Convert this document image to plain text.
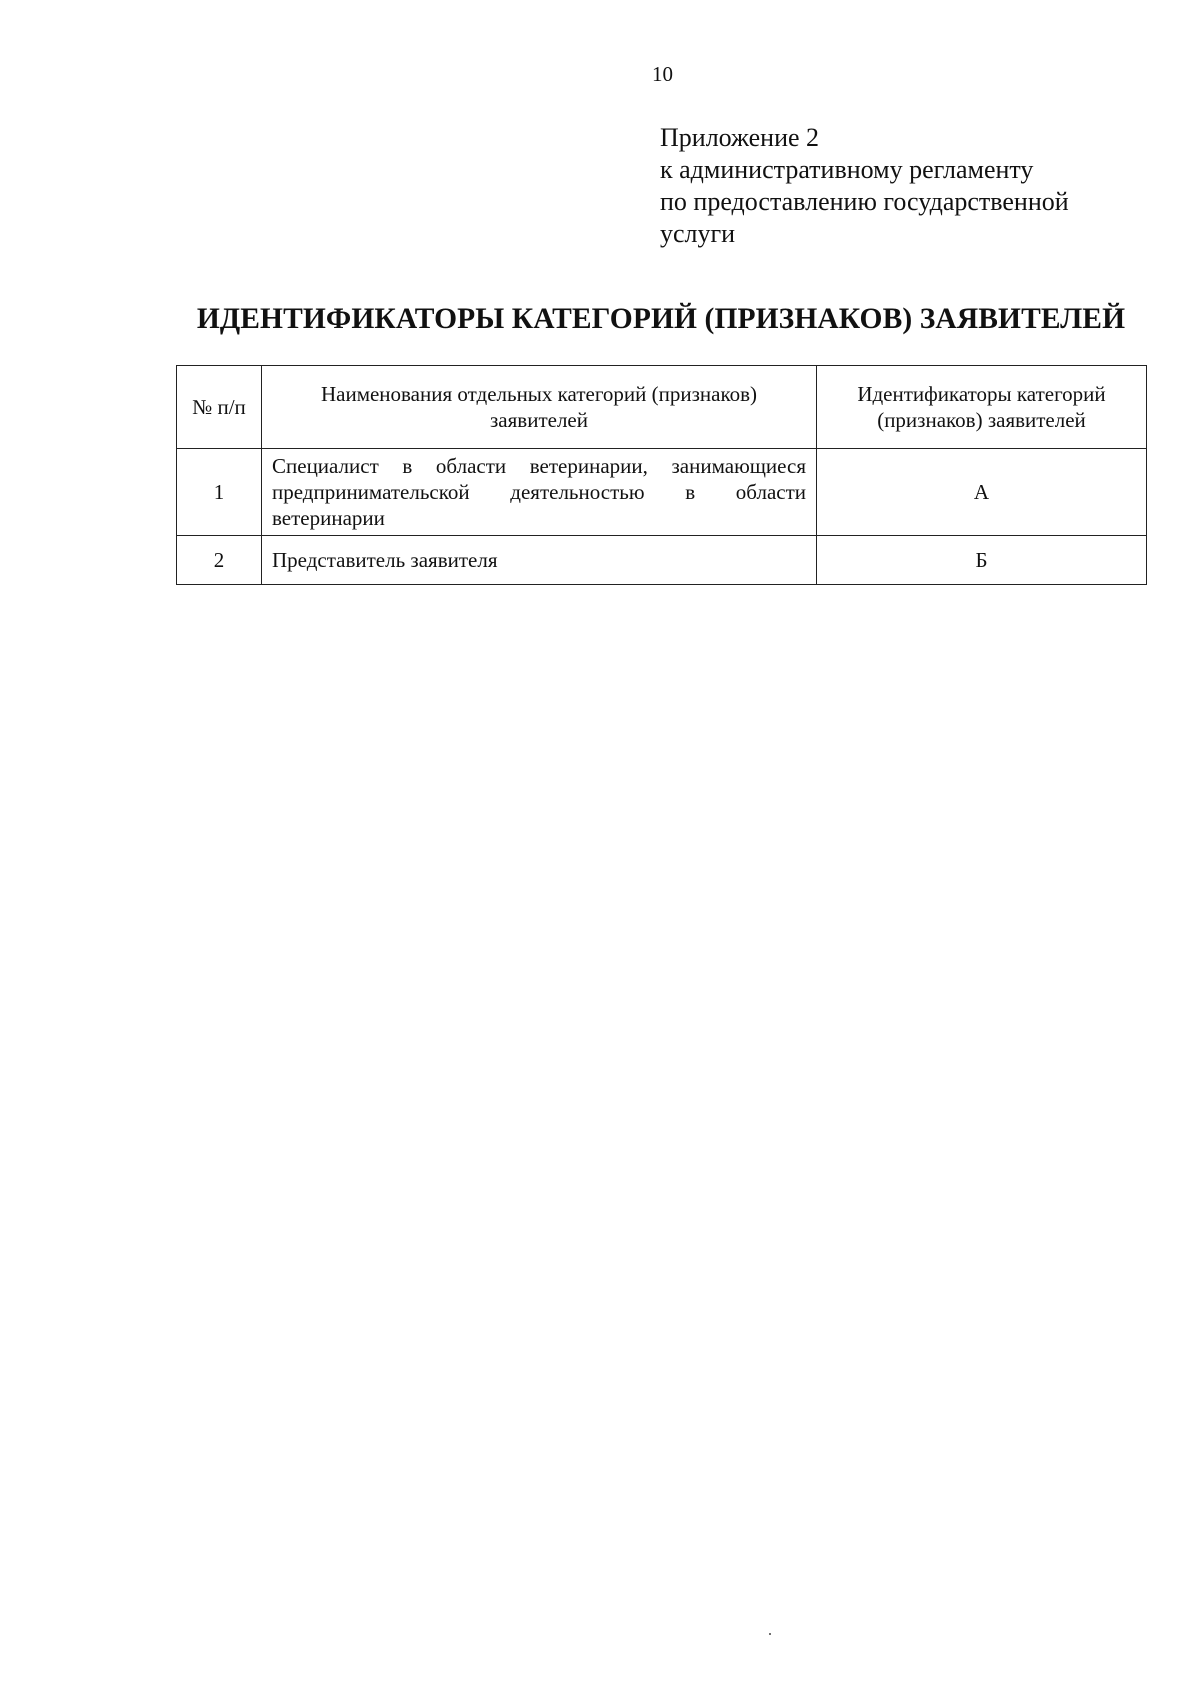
10
Приложение 2
к административному регламенту
по предоставлению государственной
услуги
ИДЕНТИФИКАТОРЫ КАТЕГОРИЙ (ПРИЗНАКОВ) ЗАЯВИТЕЛЕЙ
№ п/п	Наименования отдельных категорий (признаков) заявителей	Идентификаторы категорий (признаков) заявителей
1	Специалист в области ветеринарии, занимающиеся предпринимательской деятельностью в области ветеринарии	А
2	Представитель заявителя	Б
